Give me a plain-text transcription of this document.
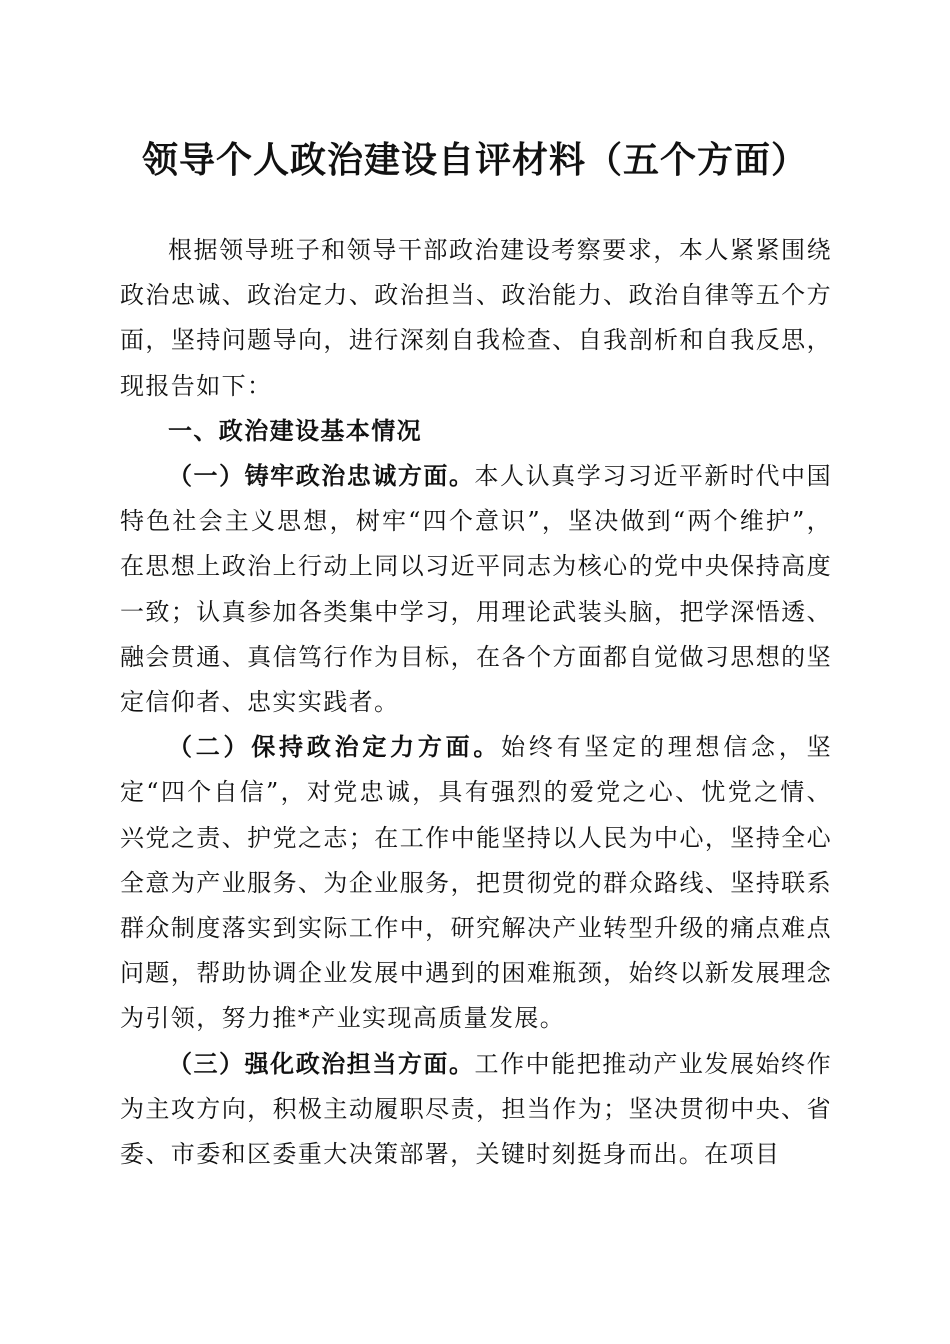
领导个人政治建设自评材料（五个方面）

根据领导班子和领导干部政治建设考察要求，本人紧紧围绕政治忠诚、政治定力、政治担当、政治能力、政治自律等五个方面，坚持问题导向，进行深刻自我检查、自我剖析和自我反思，现报告如下：

一、政治建设基本情况

（一）铸牢政治忠诚方面。本人认真学习习近平新时代中国特色社会主义思想，树牢“四个意识”，坚决做到“两个维护”，在思想上政治上行动上同以习近平同志为核心的党中央保持高度一致；认真参加各类集中学习，用理论武装头脑，把学深悟透、融会贯通、真信笃行作为目标，在各个方面都自觉做习思想的坚定信仰者、忠实实践者。

（二）保持政治定力方面。始终有坚定的理想信念，坚定“四个自信”，对党忠诚，具有强烈的爱党之心、忧党之情、兴党之责、护党之志；在工作中能坚持以人民为中心，坚持全心全意为产业服务、为企业服务，把贯彻党的群众路线、坚持联系群众制度落实到实际工作中，研究解决产业转型升级的痛点难点问题，帮助协调企业发展中遇到的困难瓶颈，始终以新发展理念为引领，努力推*产业实现高质量发展。

（三）强化政治担当方面。工作中能把推动产业发展始终作为主攻方向，积极主动履职尽责，担当作为；坚决贯彻中央、省委、市委和区委重大决策部署，关键时刻挺身而出。在项目
